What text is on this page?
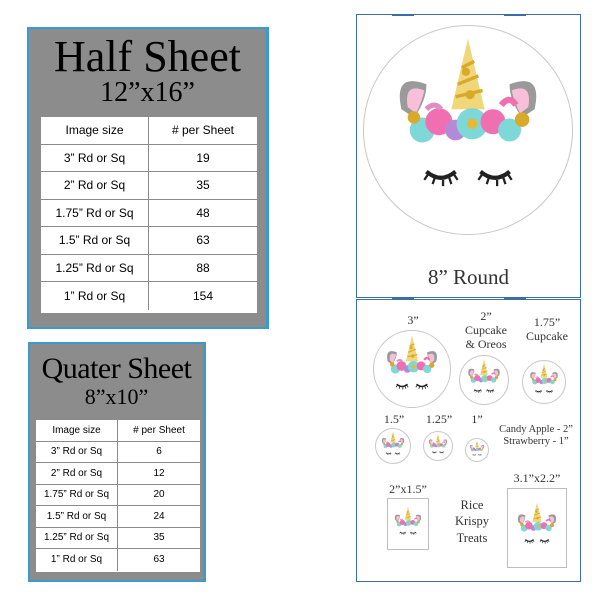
Half Sheet
12”x16”
Image size	# per Sheet
3” Rd or Sq	19
2” Rd or Sq	35
1.75” Rd or Sq	48
1.5” Rd or Sq	63
1.25” Rd or Sq	88
1” Rd or Sq	154
Quater Sheet
8”x10”
Image size	# per Sheet
3” Rd or Sq	6
2” Rd or Sq	12
1.75” Rd or Sq	20
1.5” Rd or Sq	24
1.25” Rd or Sq	35
1” Rd or Sq	63
8” Round
3”	2”
Cupcake
& Oreos
1.75”
Cupcake
1.5”	1.25”	1”
Candy Apple - 2”
Strawberry - 1”
2”x1.5”
Rice
Krispy
Treats
3.1”x2.2”
